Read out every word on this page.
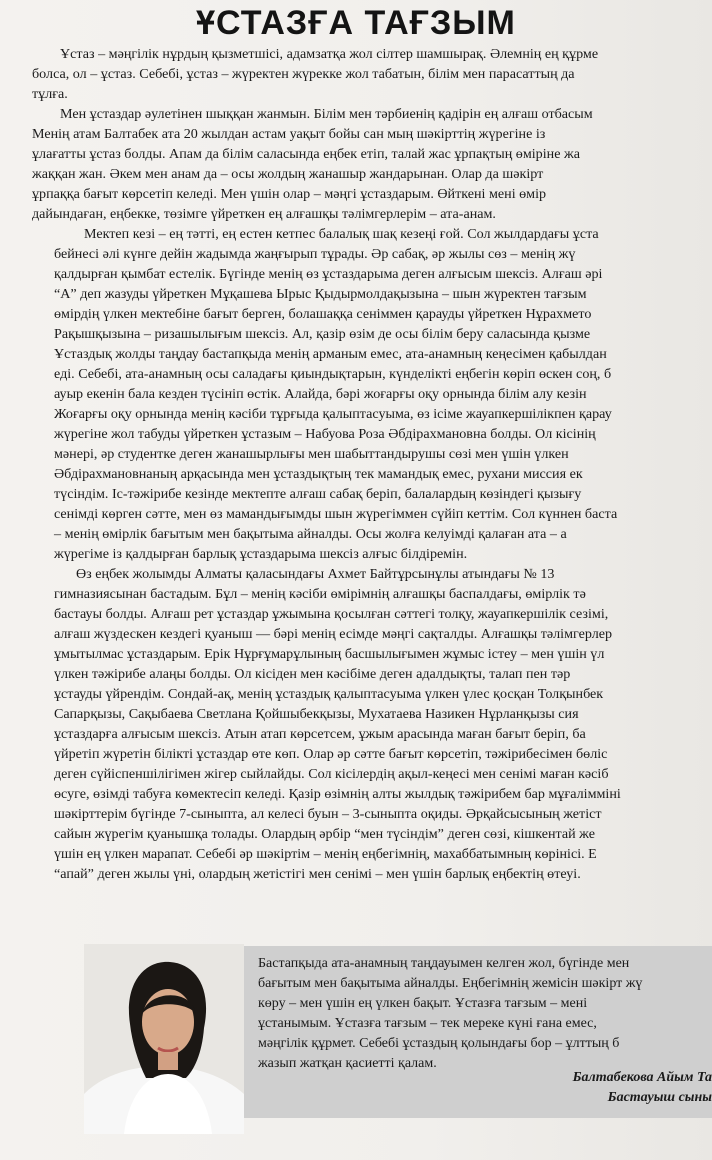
ҰСТАЗҒА ТАҒЗЫМ
Ұстаз – мәңгілік нұрдың қызметшісі, адамзатқа жол сілтер шамшырақ. Әлемнің ең құрме
болса, ол – ұстаз. Себебі, ұстаз – жүректен жүрекке жол табатын, білім мен парасаттың да
тұлға.
Мен ұстаздар әулетінен шыққан жанмын. Білім мен тәрбиенің қадірін ең алғаш отбасым
Менің атам Балтабек ата 20 жылдан астам уақыт бойы сан мың шәкірттің жүрегіне із
ұлағатты ұстаз болды. Апам да білім саласында еңбек етіп, талай жас ұрпақтың өміріне жа
жаққан жан. Әкем мен анам да – осы жолдың жанашыр жандарынан. Олар да шәкірт
ұрпаққа бағыт көрсетіп келеді. Мен үшін олар – мәңгі ұстаздарым. Өйткені мені өмір
дайындаған, еңбекке, төзімге үйреткен ең алғашқы тәлімгерлерім – ата-анам.
Мектеп кезі – ең тәтті, ең естен кетпес балалық шақ кезеңі ғой. Сол жылдардағы ұста
бейнесі әлі күнге дейін жадымда жаңғырып тұрады. Әр сабақ, әр жылы сөз – менің жү
қалдырған қымбат естелік. Бүгінде менің өз ұстаздарыма деген алғысым шексіз. Алғаш әрі
“А” деп жазуды үйреткен Мұқашева Ырыс Қыдырмолдақызына – шын жүректен тағзым
өмірдің үлкен мектебіне бағыт берген, болашаққа сеніммен қарауды үйреткен Нұрахмето
Рақышқызына – ризашылығым шексіз. Ал, қазір өзім де осы білім беру саласында қызме
Ұстаздық жолды таңдау бастапқыда менің арманым емес, ата-анамның кеңесімен қабылдан
еді. Себебі, ата-анамның осы саладағы қиындықтарын, күнделікті еңбегін көріп өскен соң, б
ауыр екенін бала кезден түсініп өстік. Алайда, бәрі жоғарғы оқу орнында білім алу кезін
Жоғарғы оқу орнында менің кәсіби тұрғыда қалыптасуыма, өз ісіме жауапкершілікпен қарау
жүрегіне жол табуды үйреткен ұстазым – Набуова Роза Әбдірахмановна болды. Ол кісінің
мәнері, әр студентке деген жанашырлығы мен шабыттандырушы сөзі мен үшін үлкен
Әбдірахмановнаның арқасында мен ұстаздықтың тек мамандық емес, рухани миссия ек
түсіндім. Іс-тәжірибе кезінде мектепте алғаш сабақ беріп, балалардың көзіндегі қызығу
сенімді көрген сәтте, мен өз мамандығымды шын жүрегіммен сүйіп кеттім. Сол күннен баста
– менің өмірлік бағытым мен бақытыма айналды. Осы жолға келуімді қалаған ата – а
жүрегіме із қалдырған барлық ұстаздарыма шексіз алғыс білдіремін.
Өз еңбек жолымды Алматы қаласындағы Ахмет Байтұрсынұлы атындағы № 13
гимназиясынан бастадым. Бұл – менің кәсіби өмірімнің алғашқы баспалдағы, өмірлік тә
бастауы болды. Алғаш рет ұстаздар ұжымына қосылған сәттегі толқу, жауапкершілік сезімі,
алғаш жүздескен кездегі қуаныш — бәрі менің есімде мәңгі сақталды. Алғашқы тәлімгерлер
ұмытылмас ұстаздарым. Ерік Нұрғұмарұлының басшылығымен жұмыс істеу – мен үшін үл
үлкен тәжірибе алаңы болды. Ол кісіден мен кәсібіме деген адалдықты, талап пен тәр
ұстауды үйрендім. Сондай-ақ, менің ұстаздық қалыптасуыма үлкен үлес қосқан Толқынбек
Сапарқызы, Сақыбаева Светлана Қойшыбекқызы, Мухатаева Назикен Нұрланқызы сия
ұстаздарға алғысым шексіз. Атын атап көрсетсем, ұжым арасында маған бағыт беріп, ба
үйретіп жүретін білікті ұстаздар өте көп. Олар әр сәтте бағыт көрсетіп, тәжірибесімен бөліс
деген сүйіспеншілігімен жігер сыйлайды. Сол кісілердің ақыл-кеңесі мен сенімі маған кәсіб
өсуге, өзімді табуға көмектесіп келеді. Қазір өзімнің алты жылдық тәжірибем бар мұғалімміні
шәкірттерім бүгінде 7-сыныпта, ал келесі буын – 3-сыныпта оқиды. Әрқайсысының жетіст
сайын жүрегім қуанышқа толады. Олардың әрбір “мен түсіндім” деген сөзі, кішкентай же
үшін ең үлкен марапат. Себебі әр шәкіртім – менің еңбегімнің, махаббатымның көрінісі. Е
“апай” деген жылы үні, олардың жетістігі мен сенімі – мен үшін барлық еңбектің өтеуі.
Бастапқыда ата-анамның таңдауымен келген жол, бүгінде мен
бағытым мен бақытыма айналды. Еңбегімнің жемісін шәкірт жү
көру – мен үшін ең үлкен бақыт. Ұстазға тағзым – мені
ұстанымым. Ұстазға тағзым – тек мереке күні ғана емес,
мәңгілік құрмет. Себебі ұстаздың қолындағы бор – ұлттың б
жазып жатқан қасиетті қалам.
Балтабекова Айым Та
Бастауыш сыны
